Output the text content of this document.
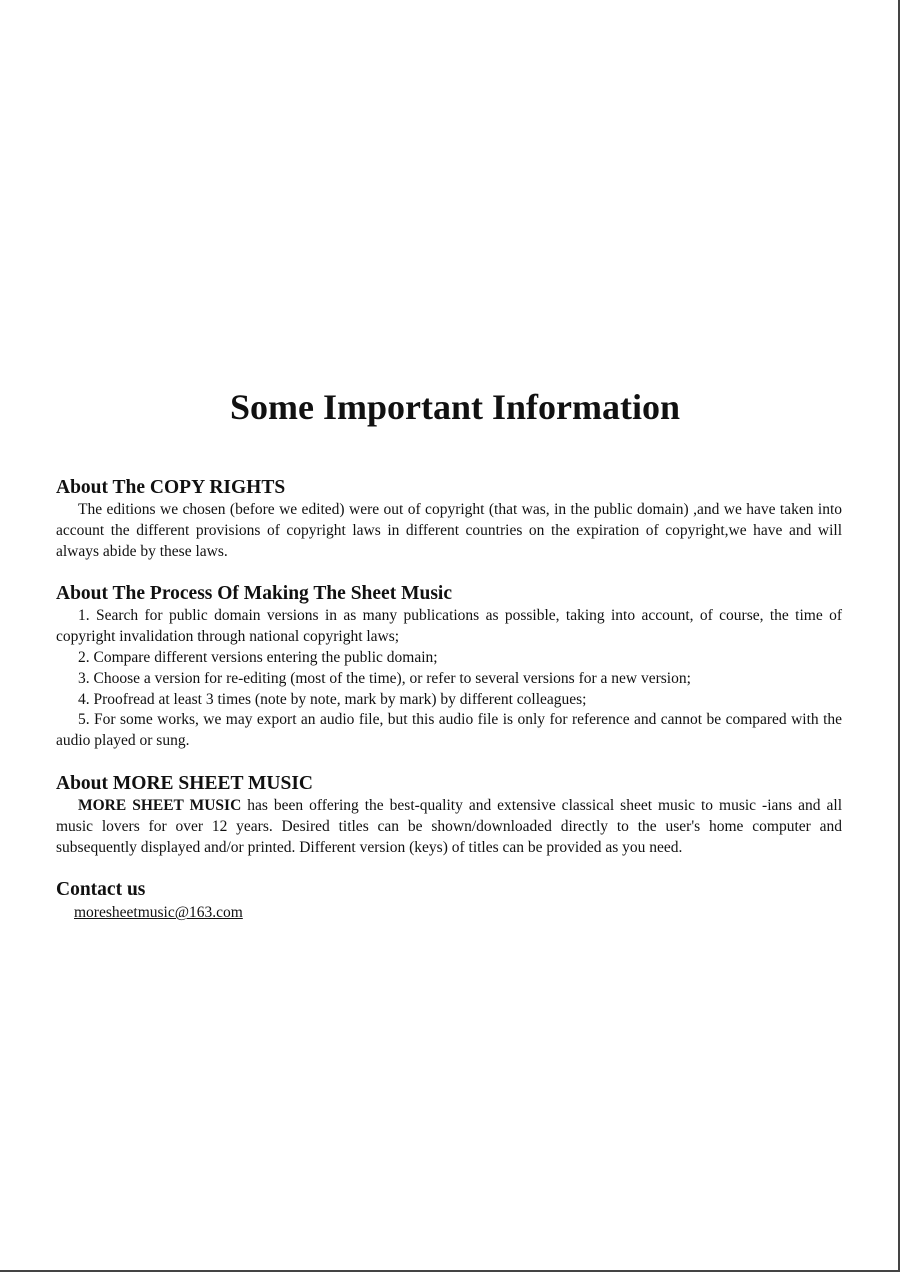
Some Important Information
About The COPY RIGHTS

The editions we chosen (before we edited) were out of copyright (that was, in the public domain) ,and we have taken into account the different provisions of copyright laws in different countries on the expiration of copyright,we have and will always abide by these laws.

About The Process Of Making The Sheet Music

1. Search for public domain versions in as many publications as possible, taking into account, of course, the time of copyright invalidation through national copyright laws;

2. Compare different versions entering the public domain;

3. Choose a version for re-editing (most of the time), or refer to several versions for a new version;

4. Proofread at least 3 times (note by note, mark by mark) by different colleagues;

5. For some works, we may export an audio file, but this audio file is only for reference and cannot be compared with the audio played or sung.

About MORE SHEET MUSIC

MORE SHEET MUSIC has been offering the best-quality and extensive classical sheet music to music -ians and all music lovers for over 12 years. Desired titles can be shown/downloaded directly to the user's home computer and subsequently displayed and/or printed. Different version (keys) of titles can be provided as you need.

Contact us
moresheetmusic@163.com
